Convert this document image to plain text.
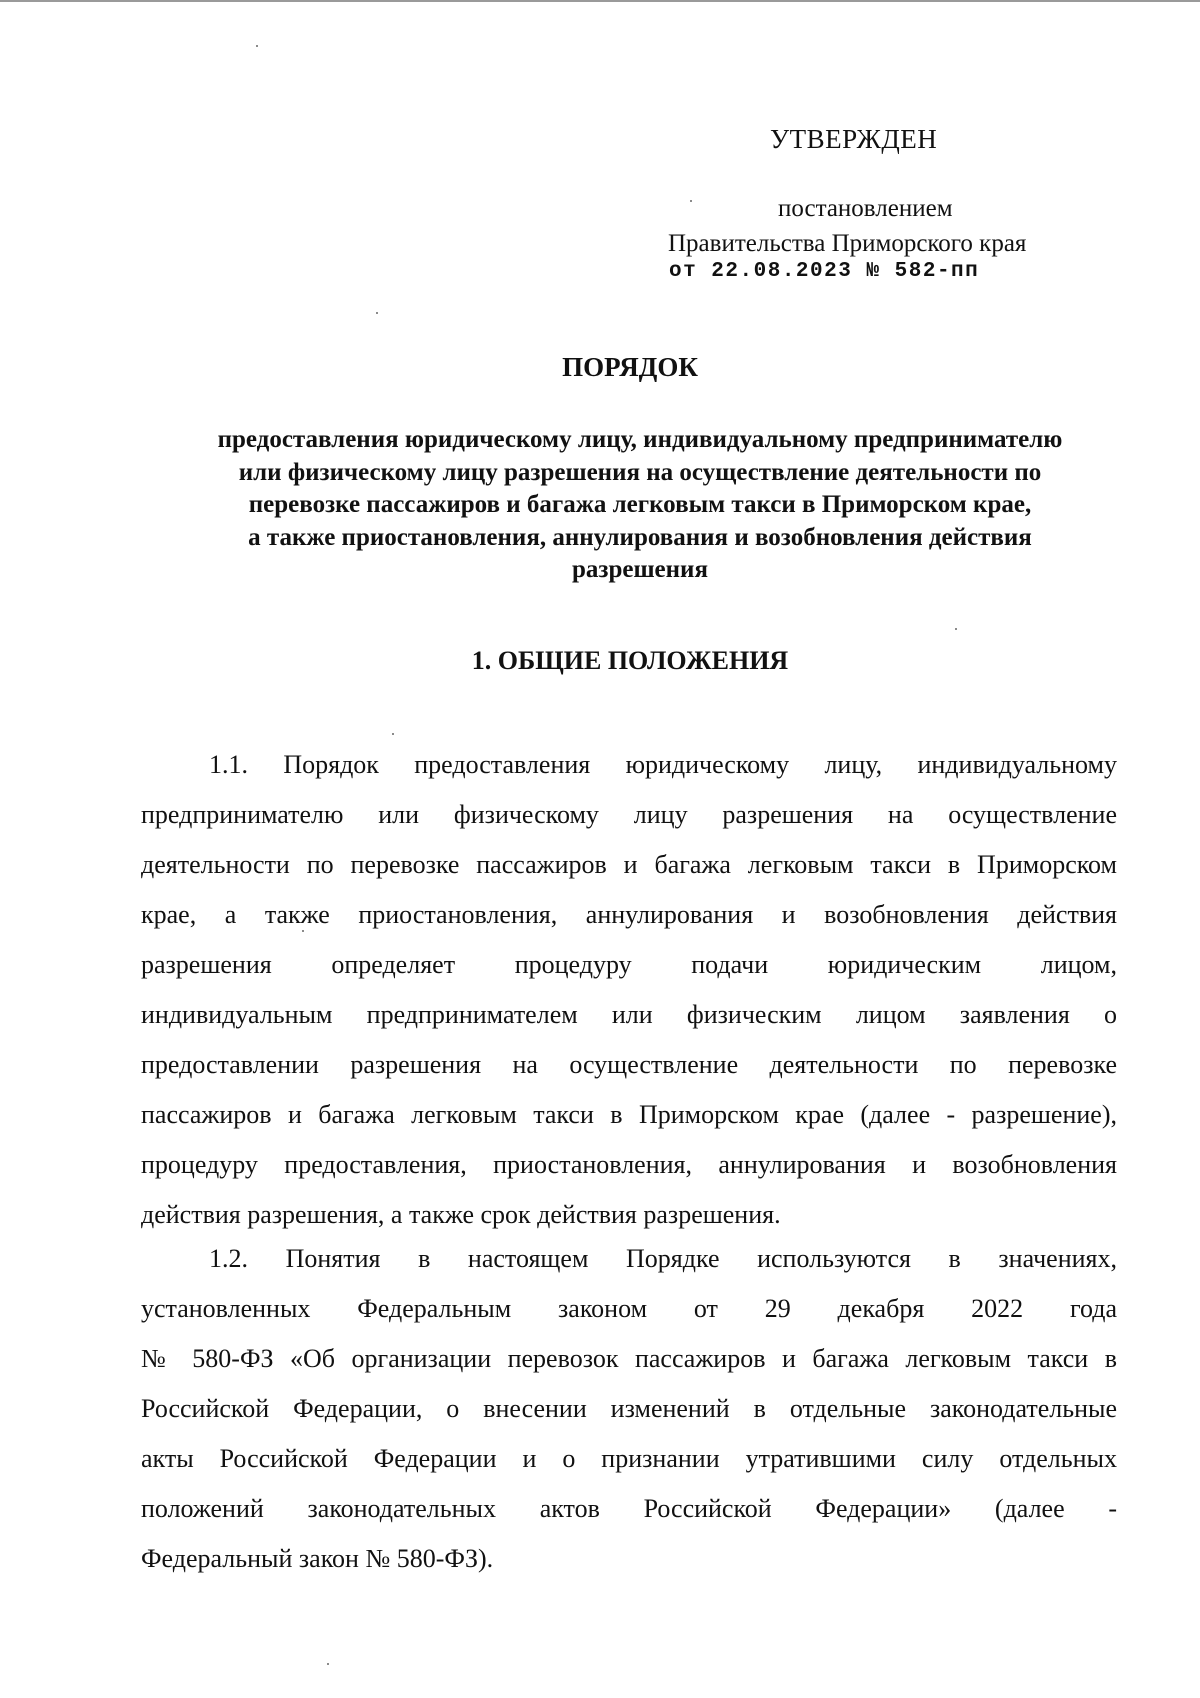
УТВЕРЖДЕН
постановлением
Правительства Приморского края
от 22.08.2023 № 582-пп
ПОРЯДОК
предоставления юридическому лицу, индивидуальному предпринимателю
или физическому лицу разрешения на осуществление деятельности по
перевозке пассажиров и багажа легковым такси в Приморском крае,
а также приостановления, аннулирования и возобновления действия
разрешения
1. ОБЩИЕ ПОЛОЖЕНИЯ
1.1. Порядок предоставления юридическому лицу, индивидуальному
предпринимателю или физическому лицу разрешения на осуществление
деятельности по перевозке пассажиров и багажа легковым такси в Приморском
крае, а также приостановления, аннулирования и возобновления действия
разрешения определяет процедуру подачи юридическим лицом,
индивидуальным предпринимателем или физическим лицом заявления о
предоставлении разрешения на осуществление деятельности по перевозке
пассажиров и багажа легковым такси в Приморском крае (далее - разрешение),
процедуру предоставления, приостановления, аннулирования и возобновления
действия разрешения, а также срок действия разрешения.
1.2. Понятия в настоящем Порядке используются в значениях,
установленных Федеральным законом от 29 декабря 2022 года
№ 580-ФЗ «Об организации перевозок пассажиров и багажа легковым такси в
Российской Федерации, о внесении изменений в отдельные законодательные
акты Российской Федерации и о признании утратившими силу отдельных
положений законодательных актов Российской Федерации» (далее -
Федеральный закон № 580-ФЗ).
